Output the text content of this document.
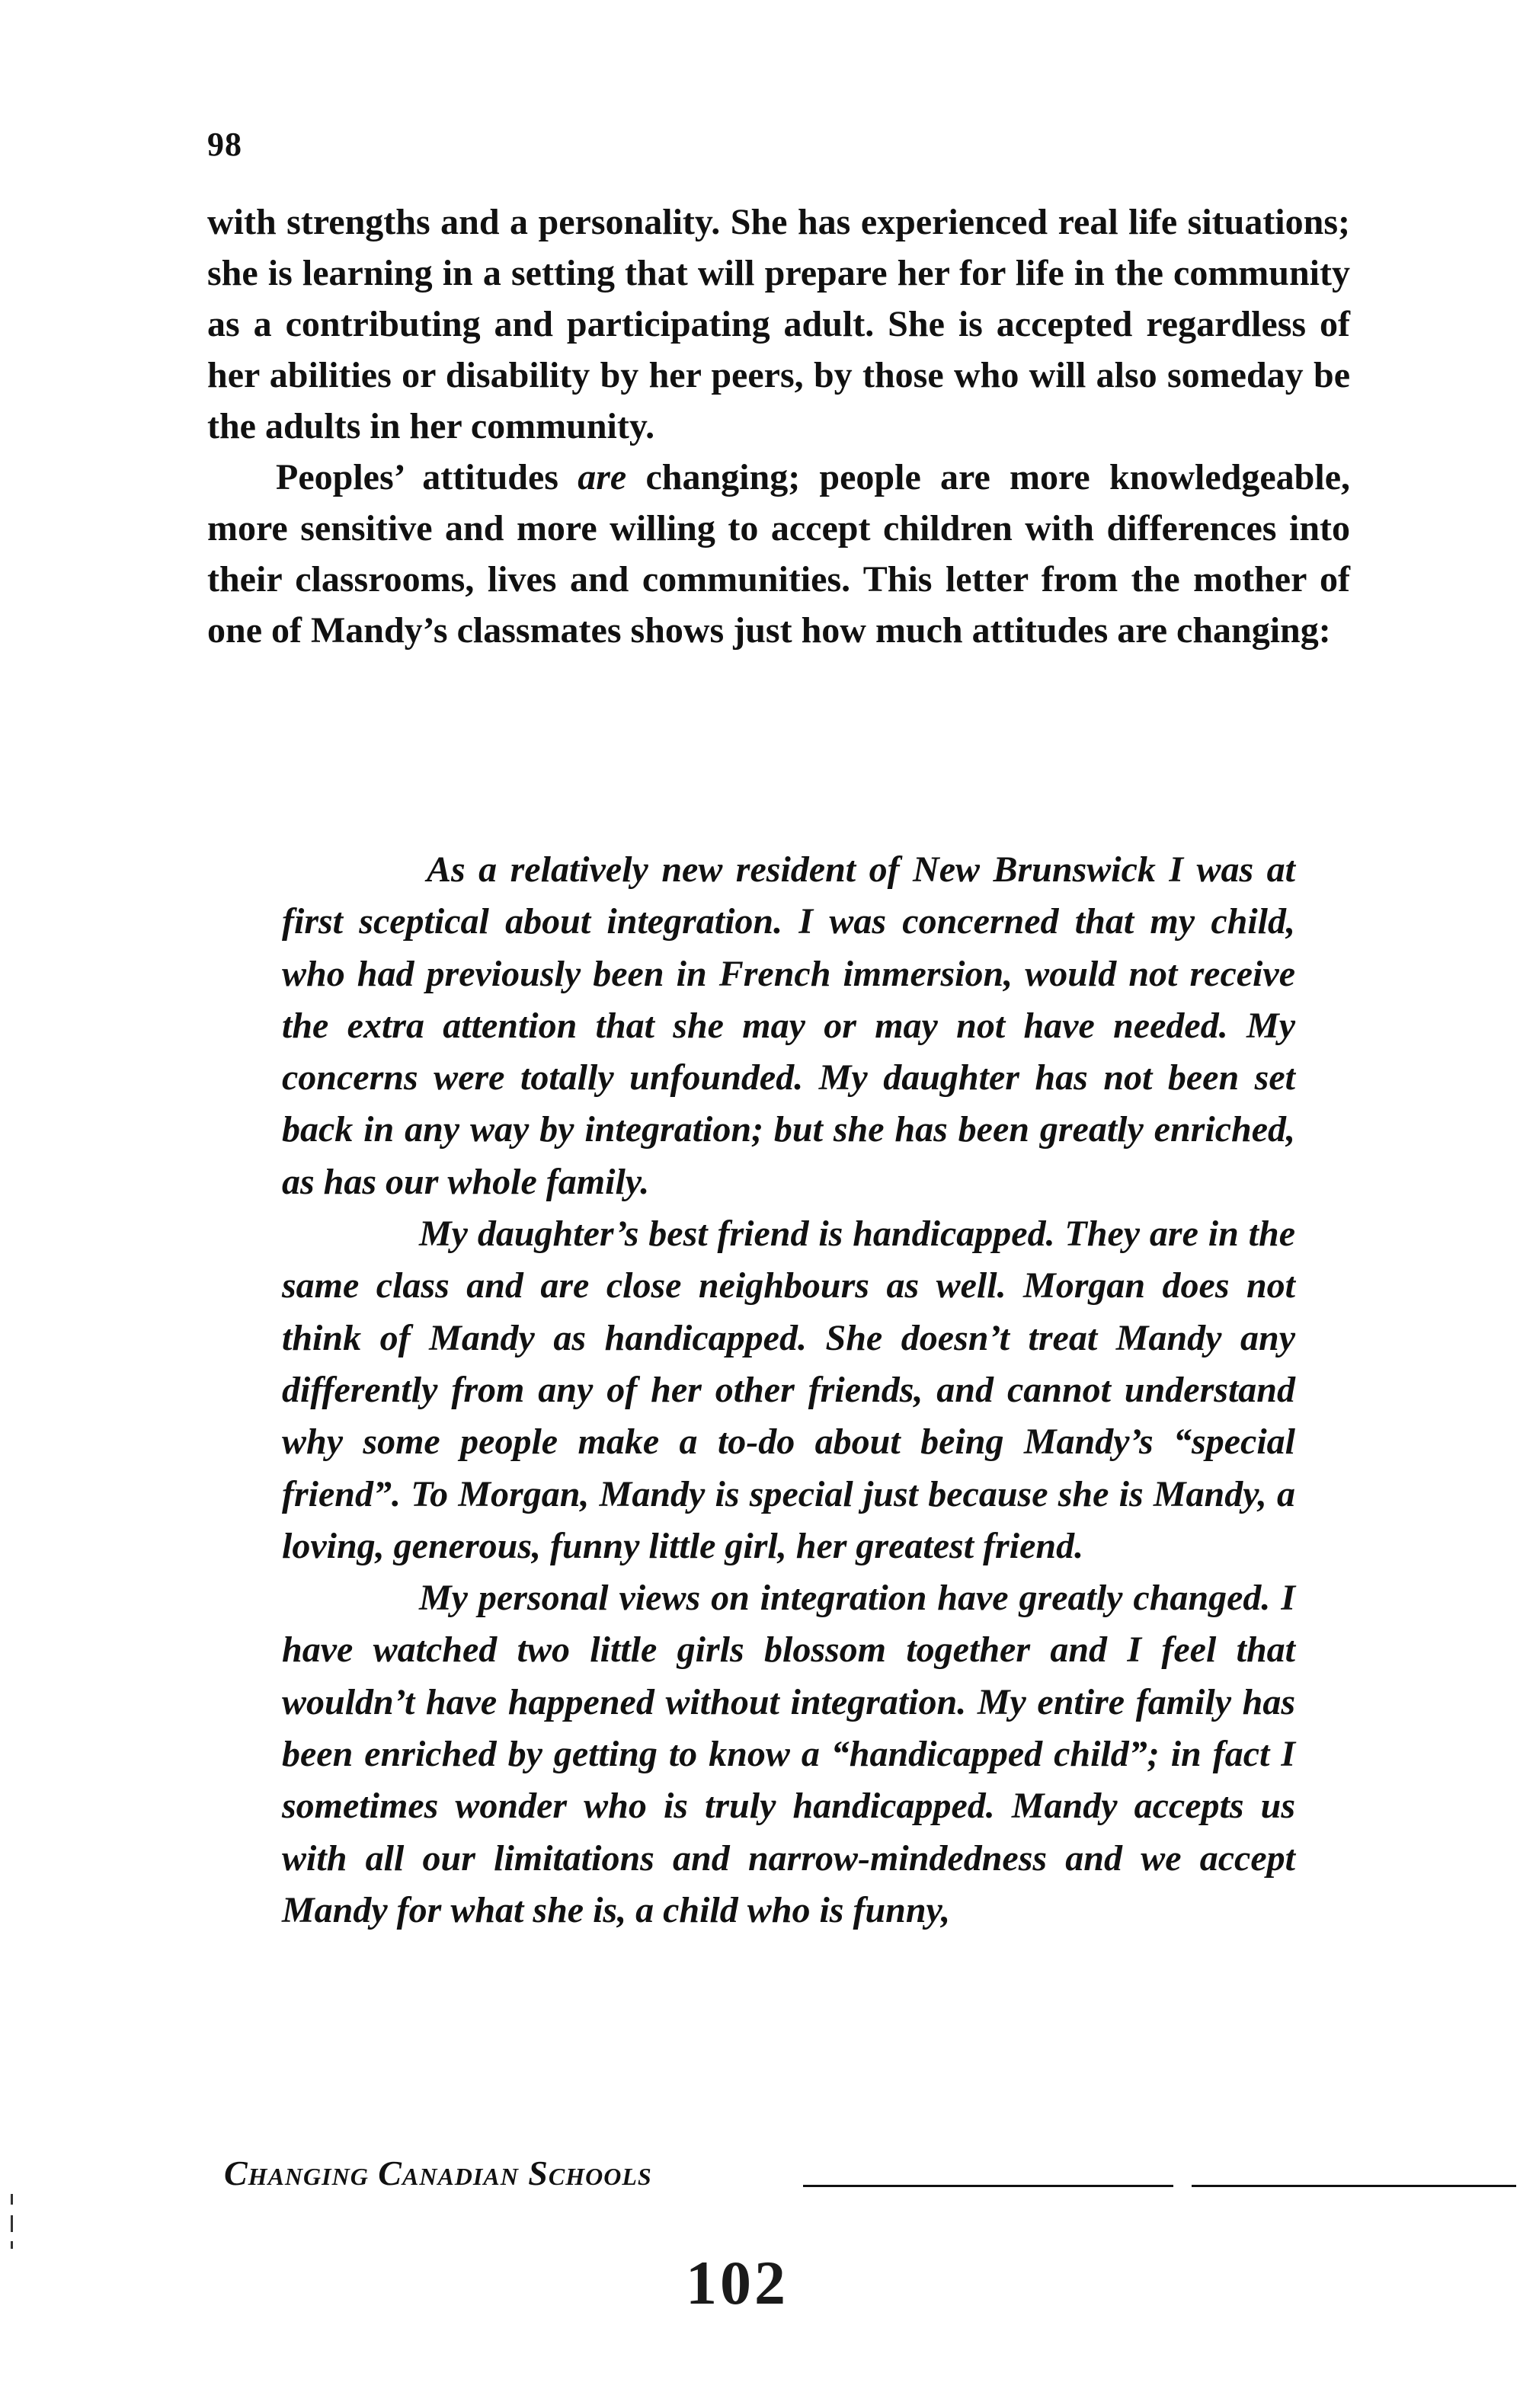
98

with strengths and a personality. She has experienced real life situations; she is learning in a setting that will prepare her for life in the community as a contributing and participating adult. She is accepted regardless of her abilities or disability by her peers, by those who will also someday be the adults in her community.

Peoples’ attitudes are changing; people are more knowledgeable, more sensitive and more willing to accept children with differences into their classrooms, lives and communities. This letter from the mother of one of Mandy’s classmates shows just how much attitudes are changing:

As a relatively new resident of New Brunswick I was at first sceptical about integration. I was concerned that my child, who had previously been in French immersion, would not receive the extra attention that she may or may not have needed. My concerns were totally unfounded. My daughter has not been set back in any way by integration; but she has been greatly enriched, as has our whole family.

My daughter’s best friend is handicapped. They are in the same class and are close neighbours as well. Morgan does not think of Mandy as handicapped. She doesn’t treat Mandy any differently from any of her other friends, and cannot understand why some people make a to-do about being Mandy’s “special friend”. To Morgan, Mandy is special just because she is Mandy, a loving, generous, funny little girl, her greatest friend.

My personal views on integration have greatly changed. I have watched two little girls blossom together and I feel that wouldn’t have happened without integration. My entire family has been enriched by getting to know a “handicapped child”; in fact I sometimes wonder who is truly handicapped. Mandy accepts us with all our limitations and narrow-mindedness and we accept Mandy for what she is, a child who is funny,

Changing Canadian Schools
102
